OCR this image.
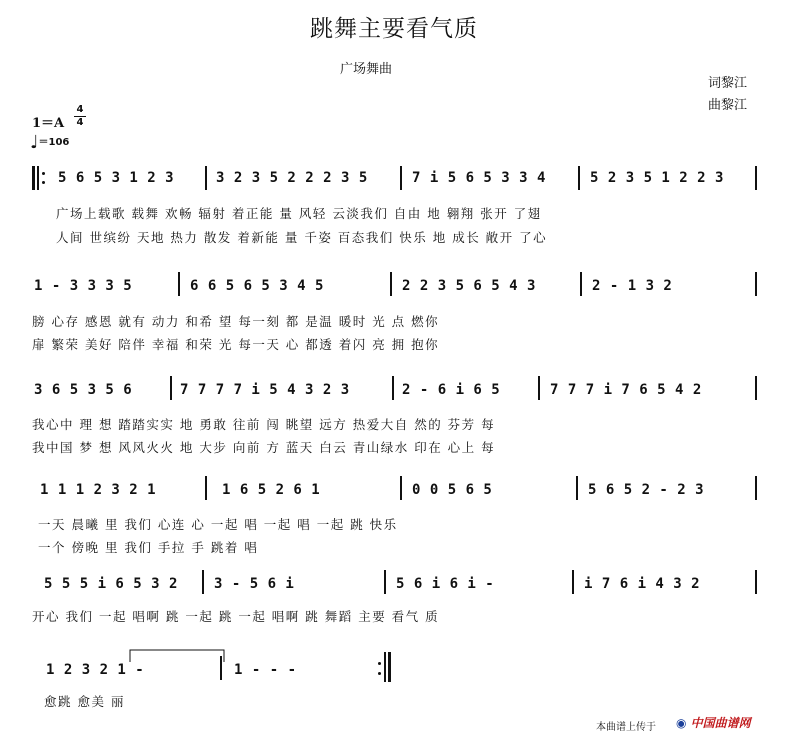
跳舞主要看气质
广场舞曲
词黎江
曲黎江
1＝A
4
4
♩＝106
5 6 5 3 1 2 3	3 2 3 5 2 2 2 3 5	7 i 5 6 5 3 3 4	5 2 3 5 1 2 2 3
广场上载歌 载舞 欢畅 辐射 着正能 量 风轻 云淡我们 自由 地 翱翔 张开 了翅
人间 世缤纷 天地 热力 散发 着新能 量 千姿 百态我们 快乐 地 成长 敞开 了心
1 - 3 3 3 5	6 6 5 6 5 3 4 5	2 2 3 5 6 5 4 3	2 - 1 3 2
膀 心存 感恩 就有 动力 和希 望 每一刻 都 是温 暖时 光 点 燃你
扉 繁荣 美好 陪伴 幸福 和荣 光 每一天 心 都透 着闪 亮 拥 抱你
3 6 5 3 5 6	7 7 7 7 i 5 4 3 2 3	2 - 6 i 6 5	7 7 7 i 7 6 5 4 2
我心中 理 想 踏踏实实 地 勇敢 往前 闯 眺望 远方 热爱大自 然的 芬芳 每
我中国 梦 想 风风火火 地 大步 向前 方 蓝天 白云 青山绿水 印在 心上 每
1 1 1 2 3 2 1	1 6 5 2 6 1	0 0 5 6 5	5 6 5 2 - 2 3
一天 晨曦 里 我们 心连 心 一起 唱 一起 唱 一起 跳 快乐
一个 傍晚 里 我们 手拉 手 跳着 唱
5 5 5 i 6 5 3 2	3 - 5 6 i	5 6 i 6 i -	i 7 6 i 4 3 2
开心 我们 一起 唱啊 跳 一起 跳 一起 唱啊 跳 舞蹈 主要 看气 质
1 2 3 2 1 -	1 - - -
愈跳 愈美 丽
本曲谱上传于 ◉ 中国曲谱网
